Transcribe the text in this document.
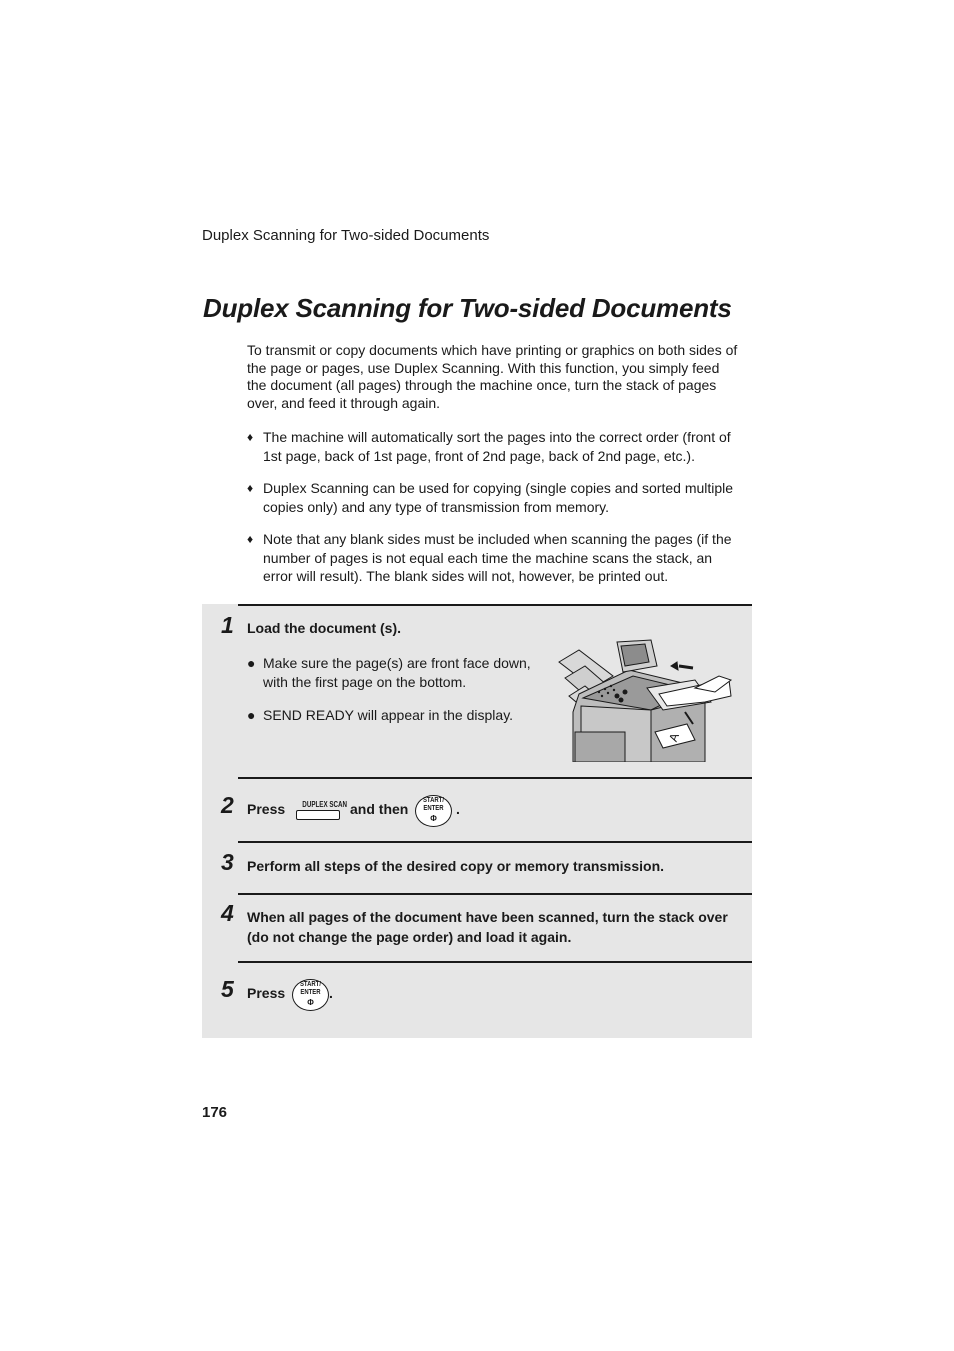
Duplex Scanning for Two-sided Documents
Duplex Scanning for Two-sided Documents

To transmit or copy documents which have printing or graphics on both sides of the page or pages, use Duplex Scanning. With this function, you simply feed the document (all pages) through the machine once, turn the stack of pages over, and feed it through again.

♦ The machine will automatically sort the pages into the correct order (front of 1st page, back of 1st page, front of 2nd page, back of 2nd page, etc.).
♦ Duplex Scanning can be used for copying (single copies and sorted multiple copies only) and any type of transmission from memory.
♦ Note that any blank sides must be included when scanning the pages (if the number of pages is not equal each time the machine scans the stack, an error will result). The blank sides will not, however, be printed out.
1 Load the document (s).
● Make sure the page(s) are front face down, with the first page on the bottom.
● SEND READY will appear in the display.
A
2 Press DUPLEX SCAN and then
START/
ENTER
Φ
.
3 Perform all steps of the desired copy or memory transmission.
4 When all pages of the document have been scanned, turn the stack over (do not change the page order) and load it again.
5 Press
START/
ENTER
Φ
.
176
